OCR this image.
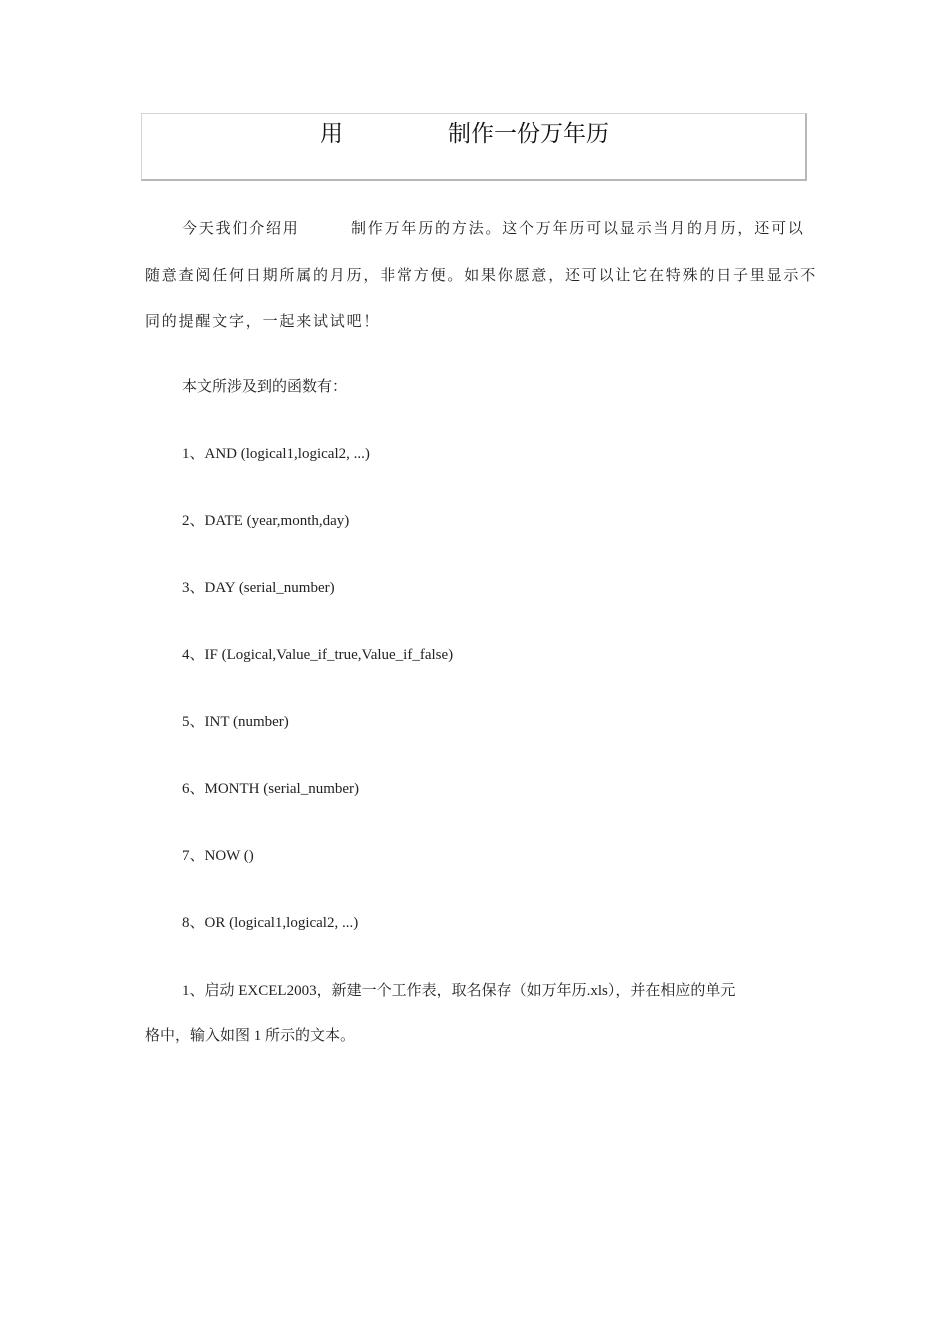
用	制作一份万年历
今天我们介绍用	制作万年历的方法。这个万年历可以显示当月的月历，还可以
随意查阅任何日期所属的月历，非常方便。如果你愿意，还可以让它在特殊的日子里显示不
同的提醒文字，一起来试试吧！
本文所涉及到的函数有：
1、AND (logical1,logical2, ...)
2、DATE (year,month,day)
3、DAY (serial_number)
4、IF (Logical,Value_if_true,Value_if_false)
5、INT (number)
6、MONTH (serial_number)
7、NOW ()
8、OR (logical1,logical2, ...)
1、启动 EXCEL2003，新建一个工作表，取名保存（如万年历.xls），并在相应的单元
格中，输入如图 1 所示的文本。
